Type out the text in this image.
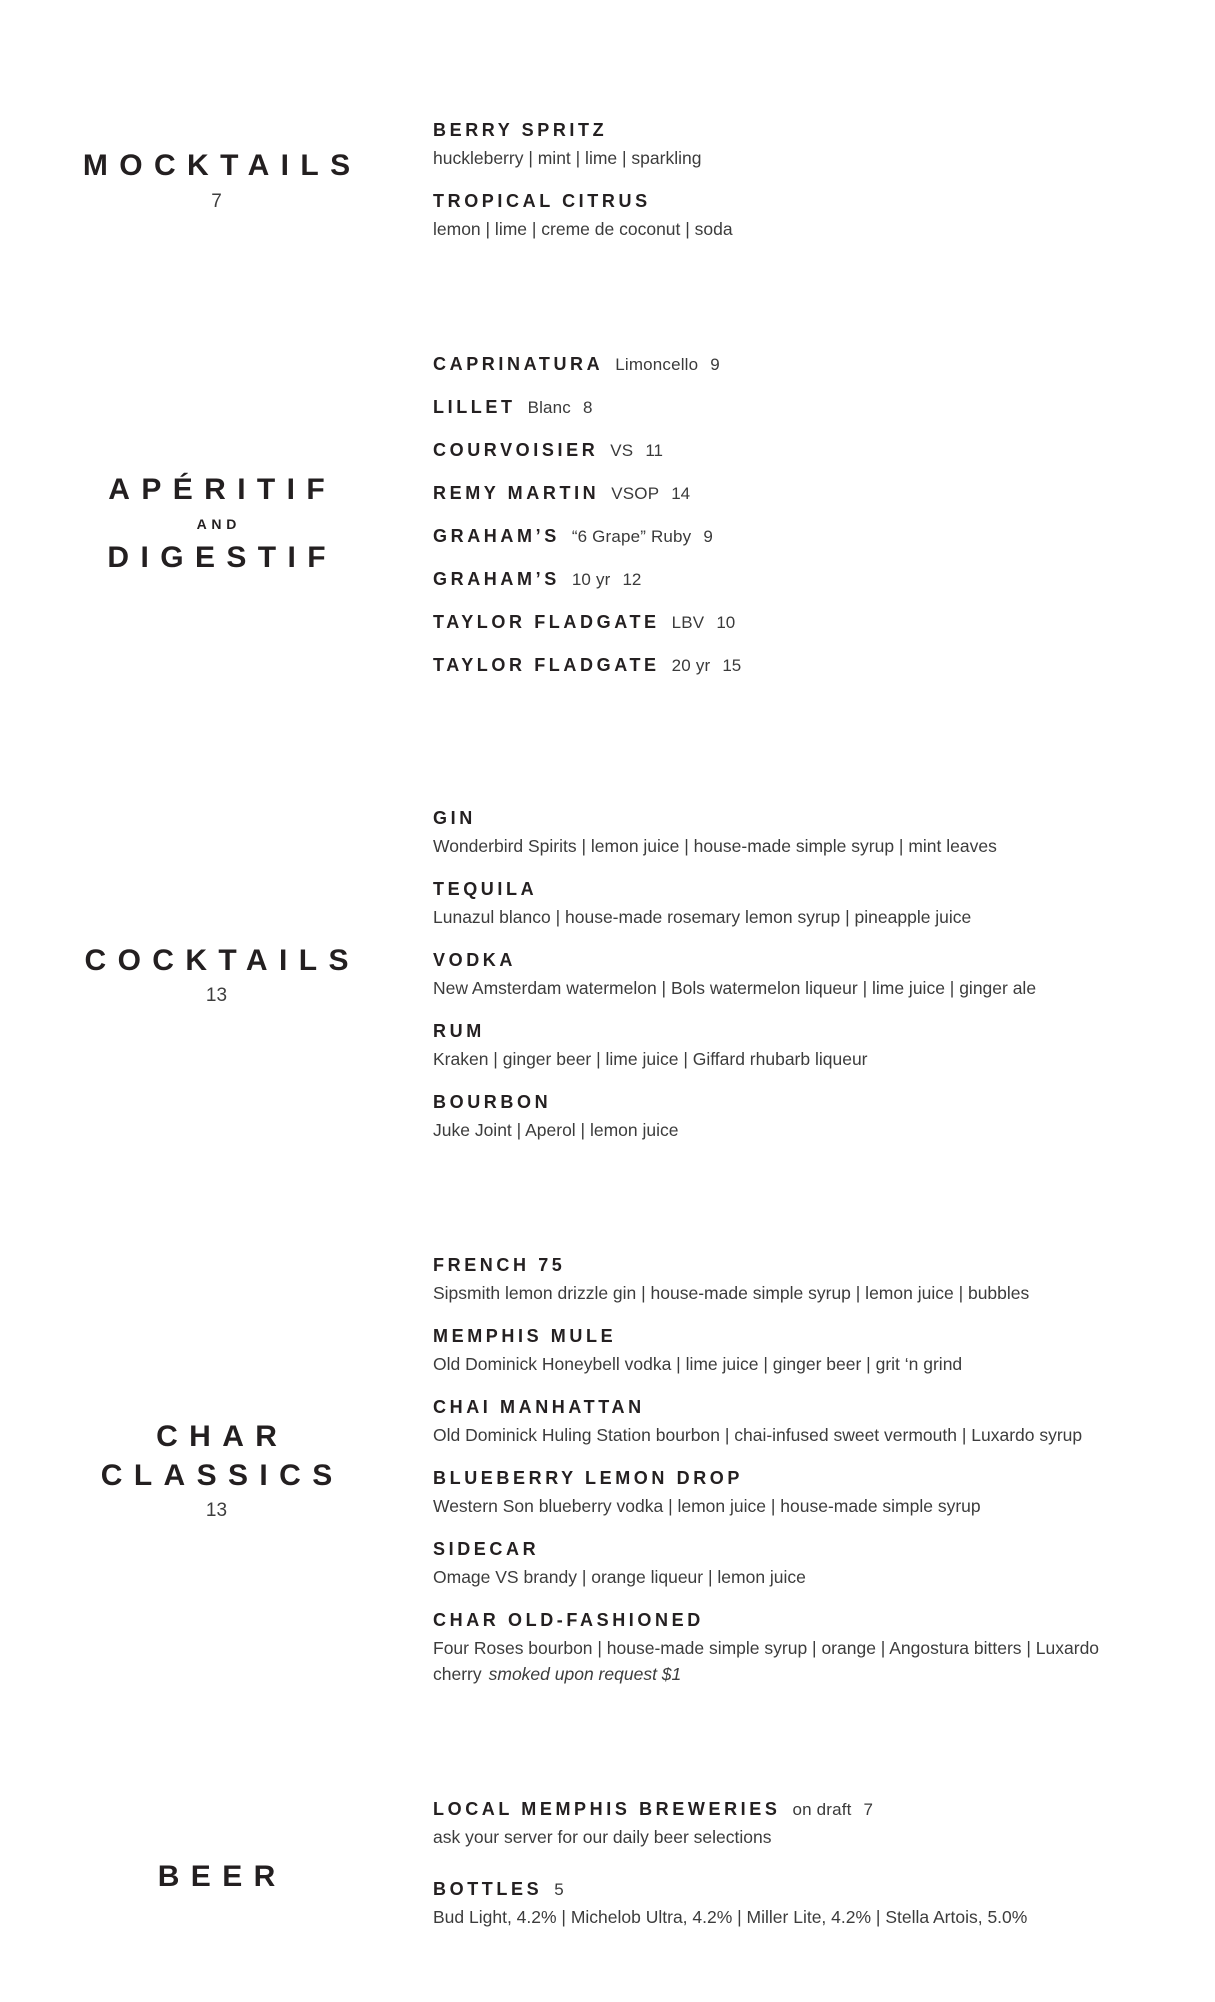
MOCKTAILS
7
BERRY SPRITZ
huckleberry | mint | lime | sparkling
TROPICAL CITRUS
lemon | lime | creme de coconut | soda
APÉRITIF
AND
DIGESTIF
CAPRINATURA Limoncello 9
LILLET Blanc 8
COURVOISIER VS 11
REMY MARTIN VSOP 14
GRAHAM’S “6 Grape” Ruby 9
GRAHAM’S 10 yr 12
TAYLOR FLADGATE LBV 10
TAYLOR FLADGATE 20 yr 15
COCKTAILS
13
GIN
Wonderbird Spirits | lemon juice | house-made simple syrup | mint leaves
TEQUILA
Lunazul blanco | house-made rosemary lemon syrup | pineapple juice
VODKA
New Amsterdam watermelon | Bols watermelon liqueur | lime juice | ginger ale
RUM
Kraken | ginger beer | lime juice | Giffard rhubarb liqueur
BOURBON
Juke Joint | Aperol | lemon juice
CHAR
CLASSICS
13
FRENCH 75
Sipsmith lemon drizzle gin | house-made simple syrup | lemon juice | bubbles
MEMPHIS MULE
Old Dominick Honeybell vodka | lime juice | ginger beer | grit ‘n grind
CHAI MANHATTAN
Old Dominick Huling Station bourbon | chai-infused sweet vermouth | Luxardo syrup
BLUEBERRY LEMON DROP
Western Son blueberry vodka | lemon juice | house-made simple syrup
SIDECAR
Omage VS brandy | orange liqueur | lemon juice
CHAR OLD-FASHIONED
Four Roses bourbon | house-made simple syrup | orange | Angostura bitters | Luxardo cherry smoked upon request $1
BEER
LOCAL MEMPHIS BREWERIES on draft 7
ask your server for our daily beer selections
BOTTLES 5
Bud Light, 4.2% | Michelob Ultra, 4.2% | Miller Lite, 4.2% | Stella Artois, 5.0%
